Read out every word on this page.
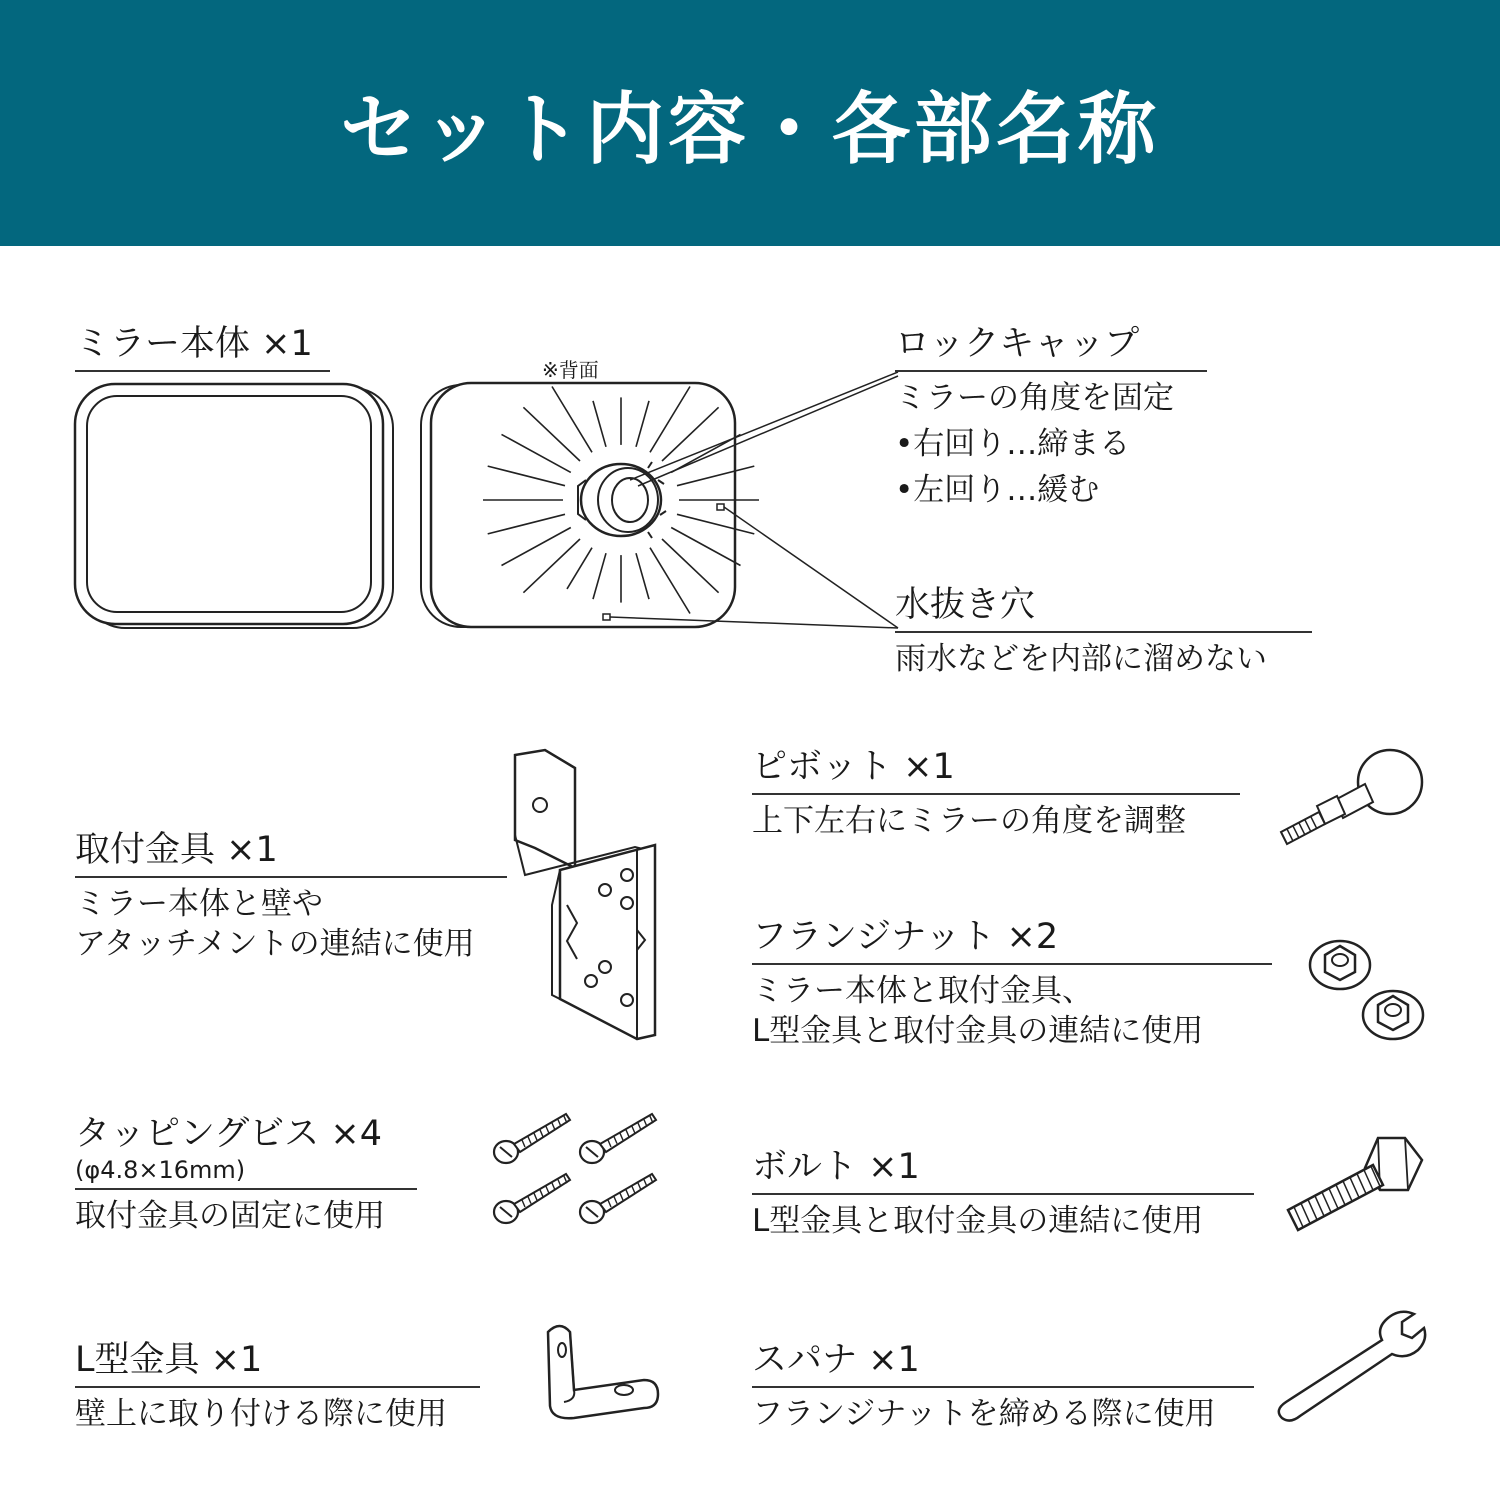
セット内容・各部名称
ミラー本体 ×1
※背面
ロックキャップ
ミラーの角度を固定
•右回り…締まる
•左回り…緩む
水抜き穴
雨水などを内部に溜めない
取付金具 ×1
ミラー本体と壁や
アタッチメントの連結に使用
ピボット ×1
上下左右にミラーの角度を調整
フランジナット ×2
ミラー本体と取付金具、
L型金具と取付金具の連結に使用
タッピングビス ×4
(φ4.8×16mm)
取付金具の固定に使用
ボルト ×1
L型金具と取付金具の連結に使用
L型金具 ×1
壁上に取り付ける際に使用
スパナ ×1
フランジナットを締める際に使用
